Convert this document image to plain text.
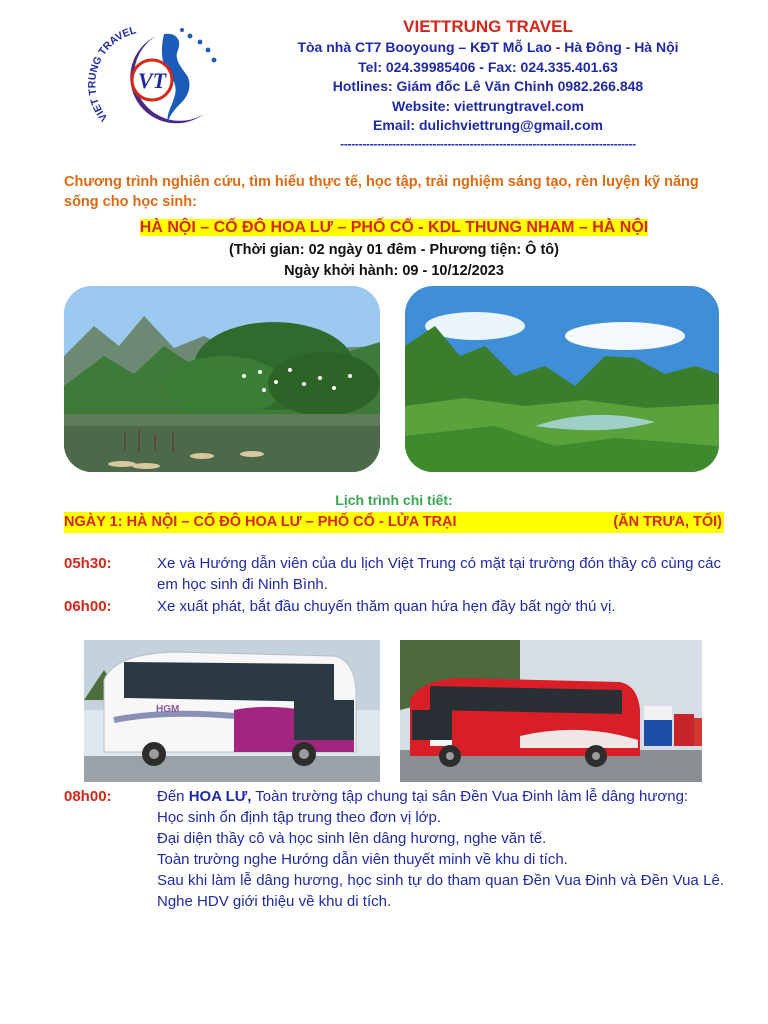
VIET TRUNG TRAVEL
VT
VIETTRUNG TRAVEL
Tòa nhà CT7 Booyoung – KĐT Mỗ Lao - Hà Đông - Hà Nội
Tel: 024.39985406 - Fax: 024.335.401.63
Hotlines: Giám đốc Lê Văn Chinh 0982.266.848
Website: viettrungtravel.com
Email: dulichviettrung@gmail.com
--------------------------------------------------------------------------------
Chương trình nghiên cứu, tìm hiểu thực tế, học tập, trải nghiệm sáng tạo, rèn luyện kỹ năng sống cho học sinh:
HÀ NỘI – CỐ ĐÔ HOA LƯ – PHỐ CỔ - KDL THUNG NHAM – HÀ NỘI
(Thời gian: 02 ngày 01 đêm - Phương tiện: Ô tô)
Ngày khởi hành: 09 - 10/12/2023
Lịch trình chi tiết:
NGÀY 1: HÀ NỘI – CỐ ĐÔ HOA LƯ – PHỐ CỔ - LỬA TRẠI	(ĂN TRƯA, TỐI)
05h30:	Xe và Hướng dẫn viên của du lịch Việt Trung có mặt tại trường đón thầy cô cùng các em học sinh đi Ninh Bình.
06h00:	Xe xuất phát, bắt đầu chuyến thăm quan hứa hẹn đầy bất ngờ thú vị.
HGM
08h00:	Đến HOA LƯ, Toàn trường tập chung tại sân Đền Vua Đinh làm lễ dâng hương:

Học sinh ổn định tập trung theo đơn vị lớp.

Đại diện thầy cô và học sinh lên dâng hương, nghe văn tế.

Toàn trường nghe Hướng dẫn viên thuyết minh về khu di tích.

Sau khi làm lễ dâng hương, học sinh tự do tham quan Đền Vua Đinh và Đền Vua Lê. Nghe HDV giới thiệu về khu di tích.
